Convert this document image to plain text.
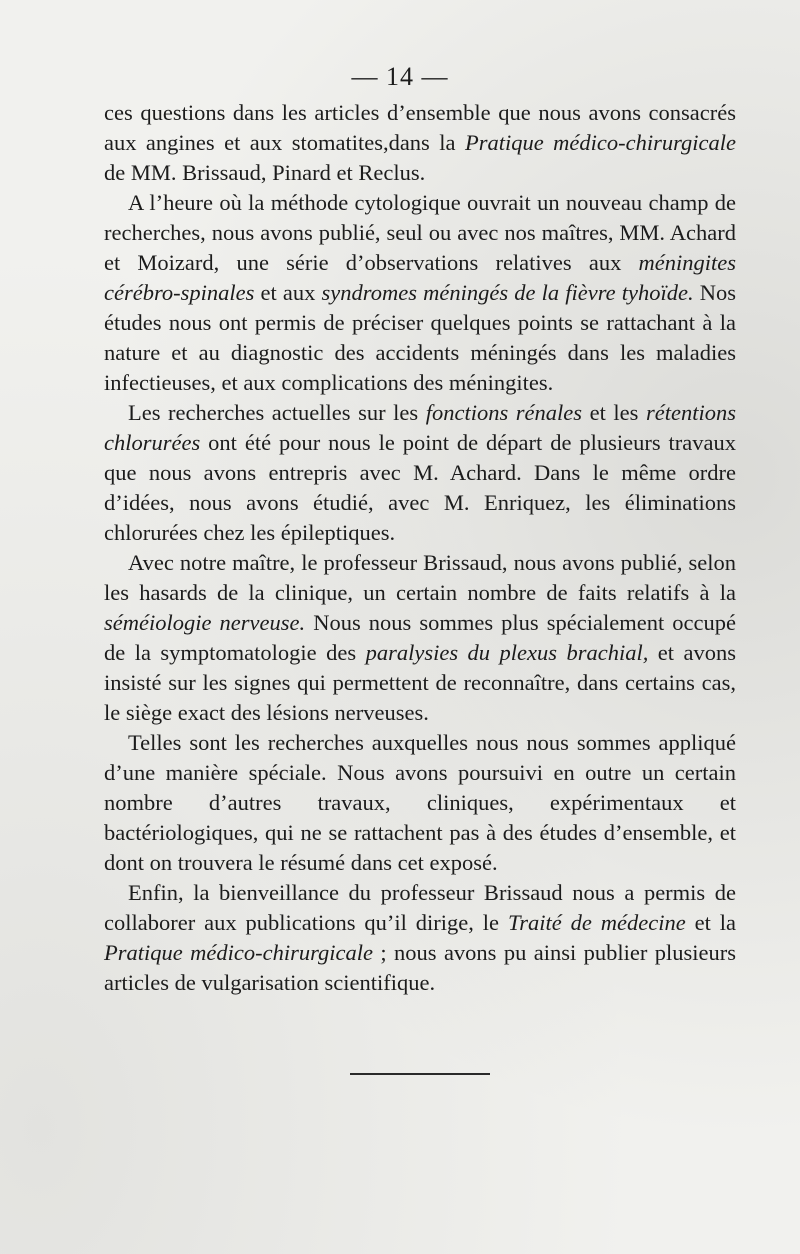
— 14 —

ces questions dans les articles d’ensemble que nous avons consacrés aux angines et aux stomatites,dans la Pratique médico-chirurgicale de MM. Brissaud, Pinard et Reclus.

A l’heure où la méthode cytologique ouvrait un nouveau champ de recherches, nous avons publié, seul ou avec nos maîtres, MM. Achard et Moizard, une série d’observations relatives aux méningites cérébro-spinales et aux syndromes méningés de la fièvre tyhoïde. Nos études nous ont permis de préciser quelques points se rattachant à la nature et au diagnostic des accidents méningés dans les maladies infectieuses, et aux complications des méningites.

Les recherches actuelles sur les fonctions rénales et les rétentions chlorurées ont été pour nous le point de départ de plusieurs travaux que nous avons entrepris avec M. Achard. Dans le même ordre d’idées, nous avons étudié, avec M. Enriquez, les éliminations chlorurées chez les épileptiques.

Avec notre maître, le professeur Brissaud, nous avons publié, selon les hasards de la clinique, un certain nombre de faits relatifs à la séméiologie nerveuse. Nous nous sommes plus spécialement occupé de la symptomatologie des paralysies du plexus brachial, et avons insisté sur les signes qui permettent de reconnaître, dans certains cas, le siège exact des lésions nerveuses.

Telles sont les recherches auxquelles nous nous sommes appliqué d’une manière spéciale. Nous avons poursuivi en outre un certain nombre d’autres travaux, cliniques, expérimentaux et bactériologiques, qui ne se rattachent pas à des études d’ensemble, et dont on trouvera le résumé dans cet exposé.

Enfin, la bienveillance du professeur Brissaud nous a permis de collaborer aux publications qu’il dirige, le Traité de médecine et la Pratique médico-chirurgicale ; nous avons pu ainsi publier plusieurs articles de vulgarisation scientifique.
